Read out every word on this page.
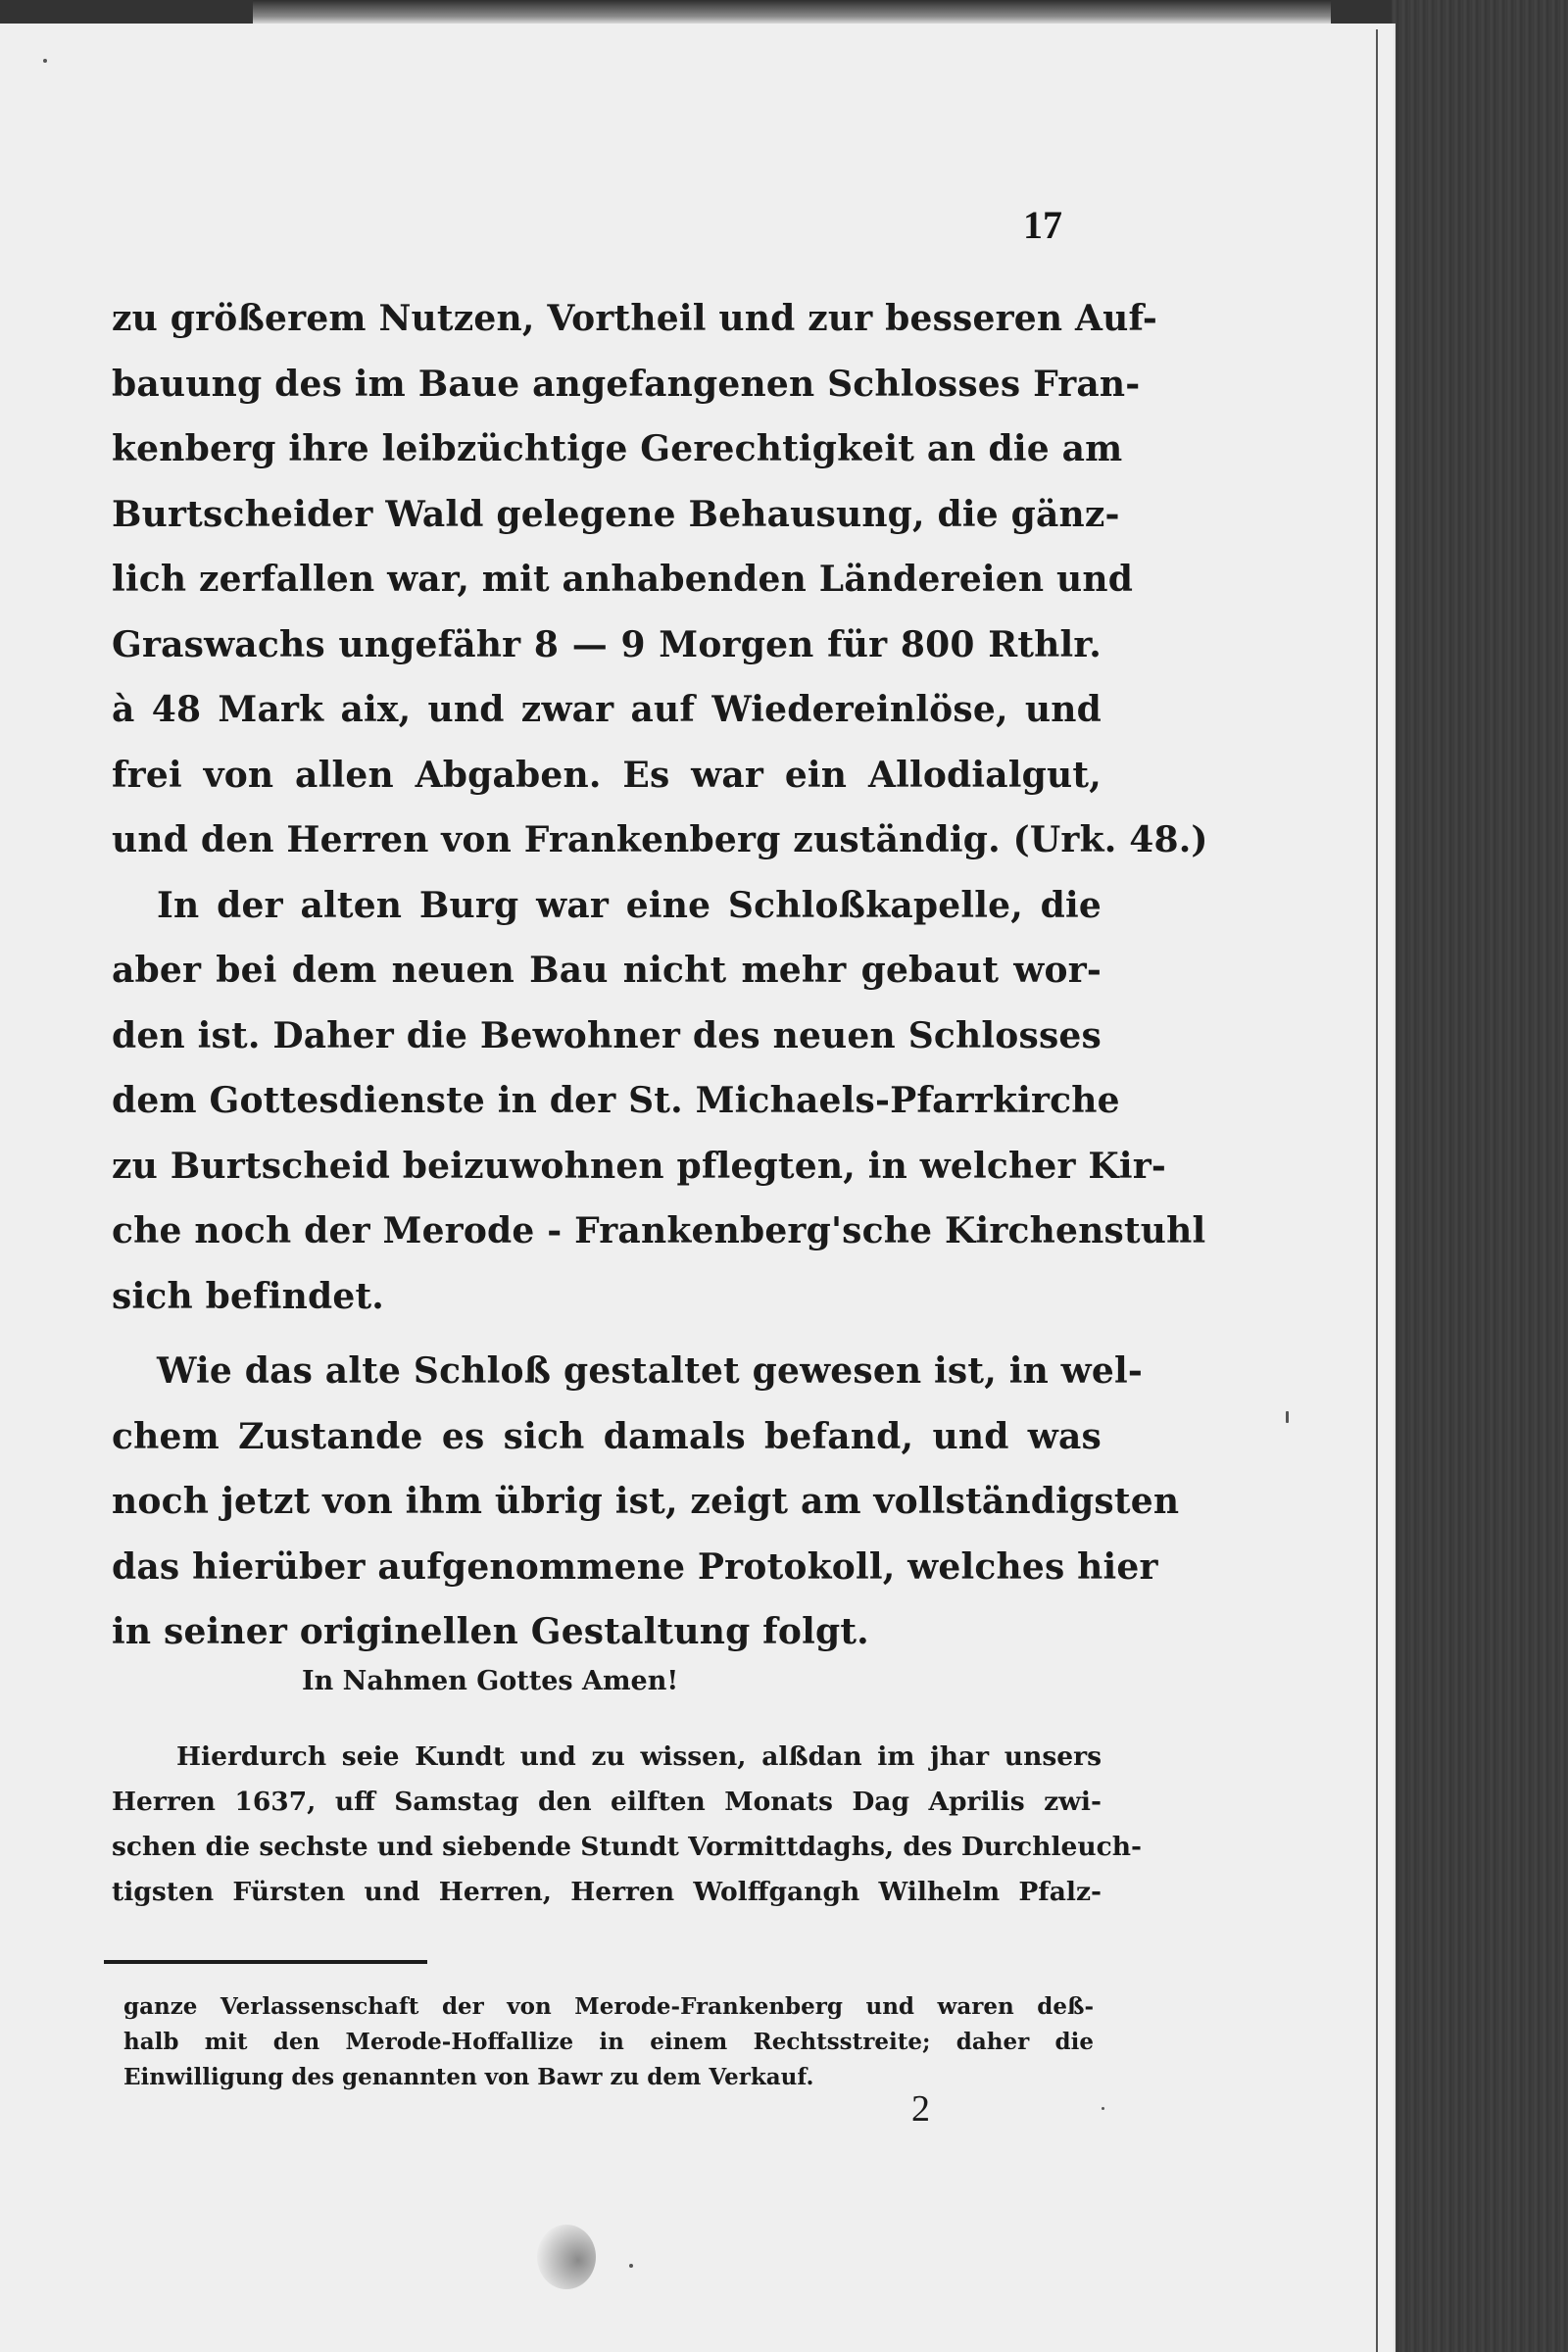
17
zu größerem Nutzen, Vortheil und zur besseren Auf-
bauung des im Baue angefangenen Schlosses Fran-
kenberg ihre leibzüchtige Gerechtigkeit an die am
Burtscheider Wald gelegene Behausung, die gänz-
lich zerfallen war, mit anhabenden Ländereien und
Graswachs ungefähr 8 — 9 Morgen für 800 Rthlr.
à 48 Mark aix, und zwar auf Wiedereinlöse, und
frei von allen Abgaben. Es war ein Allodialgut,
und den Herren von Frankenberg zuständig. (Urk. 48.)
In der alten Burg war eine Schloßkapelle, die
aber bei dem neuen Bau nicht mehr gebaut wor-
den ist. Daher die Bewohner des neuen Schlosses
dem Gottesdienste in der St. Michaels-Pfarrkirche
zu Burtscheid beizuwohnen pflegten, in welcher Kir-
che noch der Merode - Frankenberg'sche Kirchenstuhl
sich befindet.
Wie das alte Schloß gestaltet gewesen ist, in wel-
chem Zustande es sich damals befand, und was
noch jetzt von ihm übrig ist, zeigt am vollständigsten
das hierüber aufgenommene Protokoll, welches hier
in seiner originellen Gestaltung folgt.
In Nahmen Gottes Amen!
Hierdurch seie Kundt und zu wissen, alßdan im jhar unsers
Herren 1637, uff Samstag den eilften Monats Dag Aprilis zwi-
schen die sechste und siebende Stundt Vormittdaghs, des Durchleuch-
tigsten Fürsten und Herren, Herren Wolffgangh Wilhelm Pfalz-
ganze Verlassenschaft der von Merode-Frankenberg und waren deß-
halb mit den Merode-Hoffallize in einem Rechtsstreite; daher die
Einwilligung des genannten von Bawr zu dem Verkauf.
2
